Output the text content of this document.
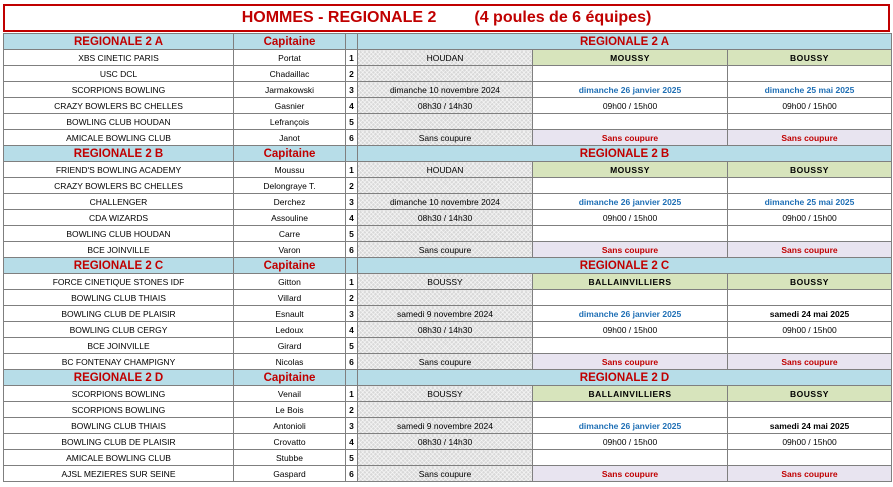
HOMMES - REGIONALE 2 (4 poules de 6 équipes)
REGIONALE 2 A	Capitaine		REGIONALE 2 A		
XBS CINETIC PARIS	Portat	1	HOUDAN	MOUSSY	BOUSSY
USC DCL	Chadaillac	2			
SCORPIONS BOWLING	Jarmakowski	3	dimanche 10 novembre 2024	dimanche 26 janvier 2025	dimanche 25 mai 2025
CRAZY BOWLERS BC CHELLES	Gasnier	4	08h30 / 14h30	09h00 / 15h00	09h00 / 15h00
BOWLING CLUB HOUDAN	Lefrançois	5			
AMICALE BOWLING CLUB	Janot	6	Sans coupure	Sans coupure	Sans coupure
REGIONALE 2 B	Capitaine		REGIONALE 2 B		
FRIEND'S BOWLING ACADEMY	Moussu	1	HOUDAN	MOUSSY	BOUSSY
CRAZY BOWLERS BC CHELLES	Delongraye T.	2			
CHALLENGER	Derchez	3	dimanche 10 novembre 2024	dimanche 26 janvier 2025	dimanche 25 mai 2025
CDA WIZARDS	Assouline	4	08h30 / 14h30	09h00 / 15h00	09h00 / 15h00
BOWLING CLUB HOUDAN	Carre	5			
BCE JOINVILLE	Varon	6	Sans coupure	Sans coupure	Sans coupure
REGIONALE 2 C	Capitaine		REGIONALE 2 C		
FORCE CINETIQUE STONES IDF	Gitton	1	BOUSSY	BALLAINVILLIERS	BOUSSY
BOWLING CLUB THIAIS	Villard	2			
BOWLING CLUB DE PLAISIR	Esnault	3	samedi 9 novembre 2024	dimanche 26 janvier 2025	samedi 24 mai 2025
BOWLING CLUB CERGY	Ledoux	4	08h30 / 14h30	09h00 / 15h00	09h00 / 15h00
BCE JOINVILLE	Girard	5			
BC FONTENAY CHAMPIGNY	Nicolas	6	Sans coupure	Sans coupure	Sans coupure
REGIONALE 2 D	Capitaine		REGIONALE 2 D		
SCORPIONS BOWLING	Venail	1	BOUSSY	BALLAINVILLIERS	BOUSSY
SCORPIONS BOWLING	Le Bois	2			
BOWLING CLUB THIAIS	Antonioli	3	samedi 9 novembre 2024	dimanche 26 janvier 2025	samedi 24 mai 2025
BOWLING CLUB DE PLAISIR	Crovatto	4	08h30 / 14h30	09h00 / 15h00	09h00 / 15h00
AMICALE BOWLING CLUB	Stubbe	5			
AJSL MEZIERES SUR SEINE	Gaspard	6	Sans coupure	Sans coupure	Sans coupure
